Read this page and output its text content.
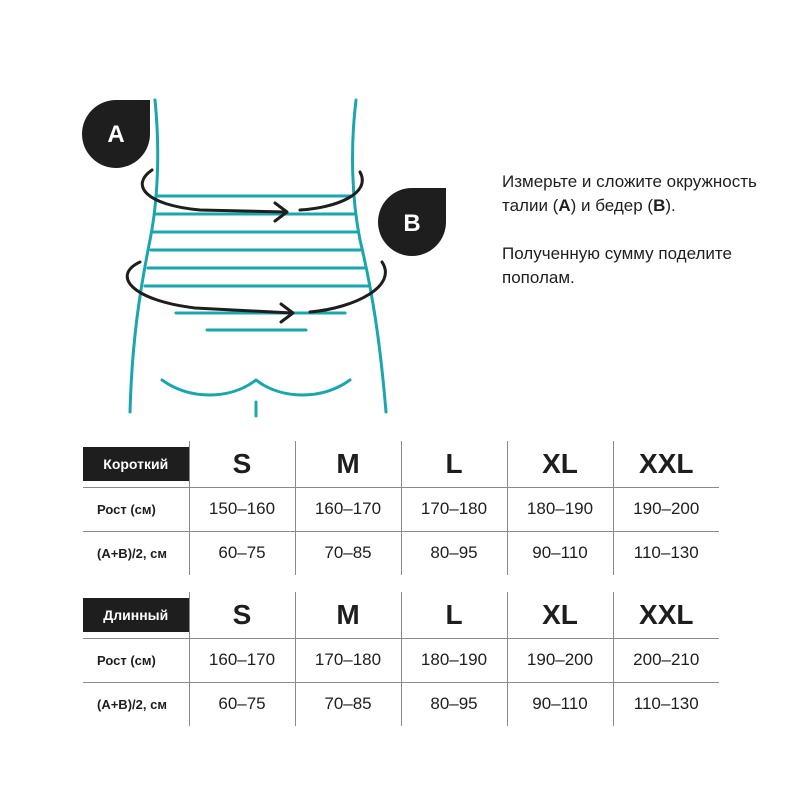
A
B

Измерьте и сложите окружность талии (A) и бедер (B).

Полученную сумму поделите пополам.

Короткий	S	M	L	XL	XXL
Рост (см)	150–160	160–170	170–180	180–190	190–200
(A+B)/2, см	60–75	70–85	80–95	90–110	110–130
Длинный	S	M	L	XL	XXL
Рост (см)	160–170	170–180	180–190	190–200	200–210
(A+B)/2, см	60–75	70–85	80–95	90–110	110–130
